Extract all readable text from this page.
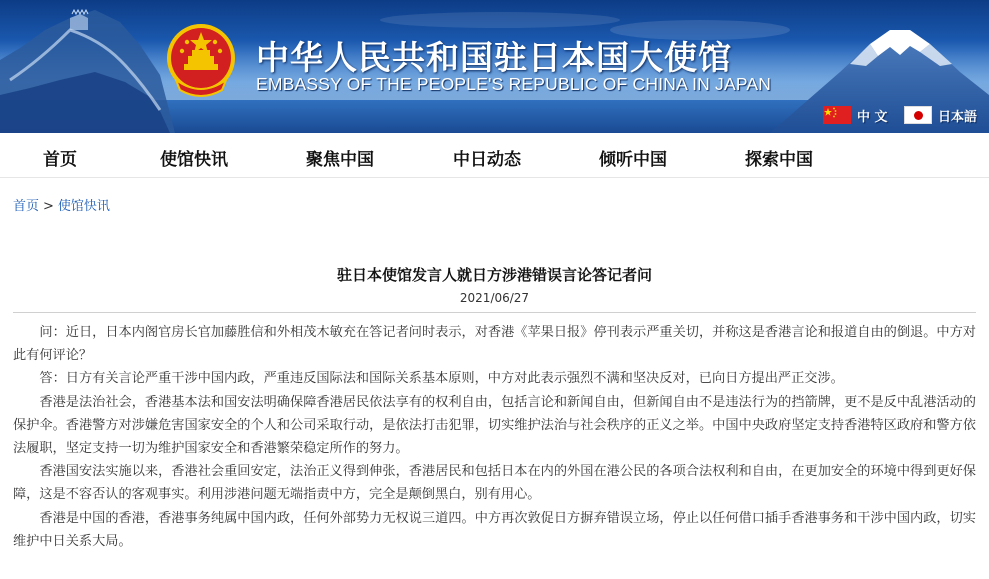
中华人民共和国驻日本国大使馆
EMBASSY OF THE PEOPLE'S REPUBLIC OF CHINA IN JAPAN
中 文	日本語
首页	使馆快讯	聚焦中国	中日动态	倾听中国	探索中国
首页 > 使馆快讯
驻日本使馆发言人就日方涉港错误言论答记者问
2021/06/27

问：近日，日本内阁官房长官加藤胜信和外相茂木敏充在答记者问时表示，对香港《苹果日报》停刊表示严重关切，并称这是香港言论和报道自由的倒退。中方对此有何评论？

答：日方有关言论严重干涉中国内政，严重违反国际法和国际关系基本原则，中方对此表示强烈不满和坚决反对，已向日方提出严正交涉。

香港是法治社会，香港基本法和国安法明确保障香港居民依法享有的权利自由，包括言论和新闻自由，但新闻自由不是违法行为的挡箭牌，更不是反中乱港活动的保护伞。香港警方对涉嫌危害国家安全的个人和公司采取行动，是依法打击犯罪，切实维护法治与社会秩序的正义之举。中国中央政府坚定支持香港特区政府和警方依法履职，坚定支持一切为维护国家安全和香港繁荣稳定所作的努力。

香港国安法实施以来，香港社会重回安定，法治正义得到伸张，香港居民和包括日本在内的外国在港公民的各项合法权利和自由，在更加安全的环境中得到更好保障，这是不容否认的客观事实。利用涉港问题无端指责中方，完全是颠倒黑白，别有用心。

香港是中国的香港，香港事务纯属中国内政，任何外部势力无权说三道四。中方再次敦促日方摒弃错误立场，停止以任何借口插手香港事务和干涉中国内政，切实维护中日关系大局。
